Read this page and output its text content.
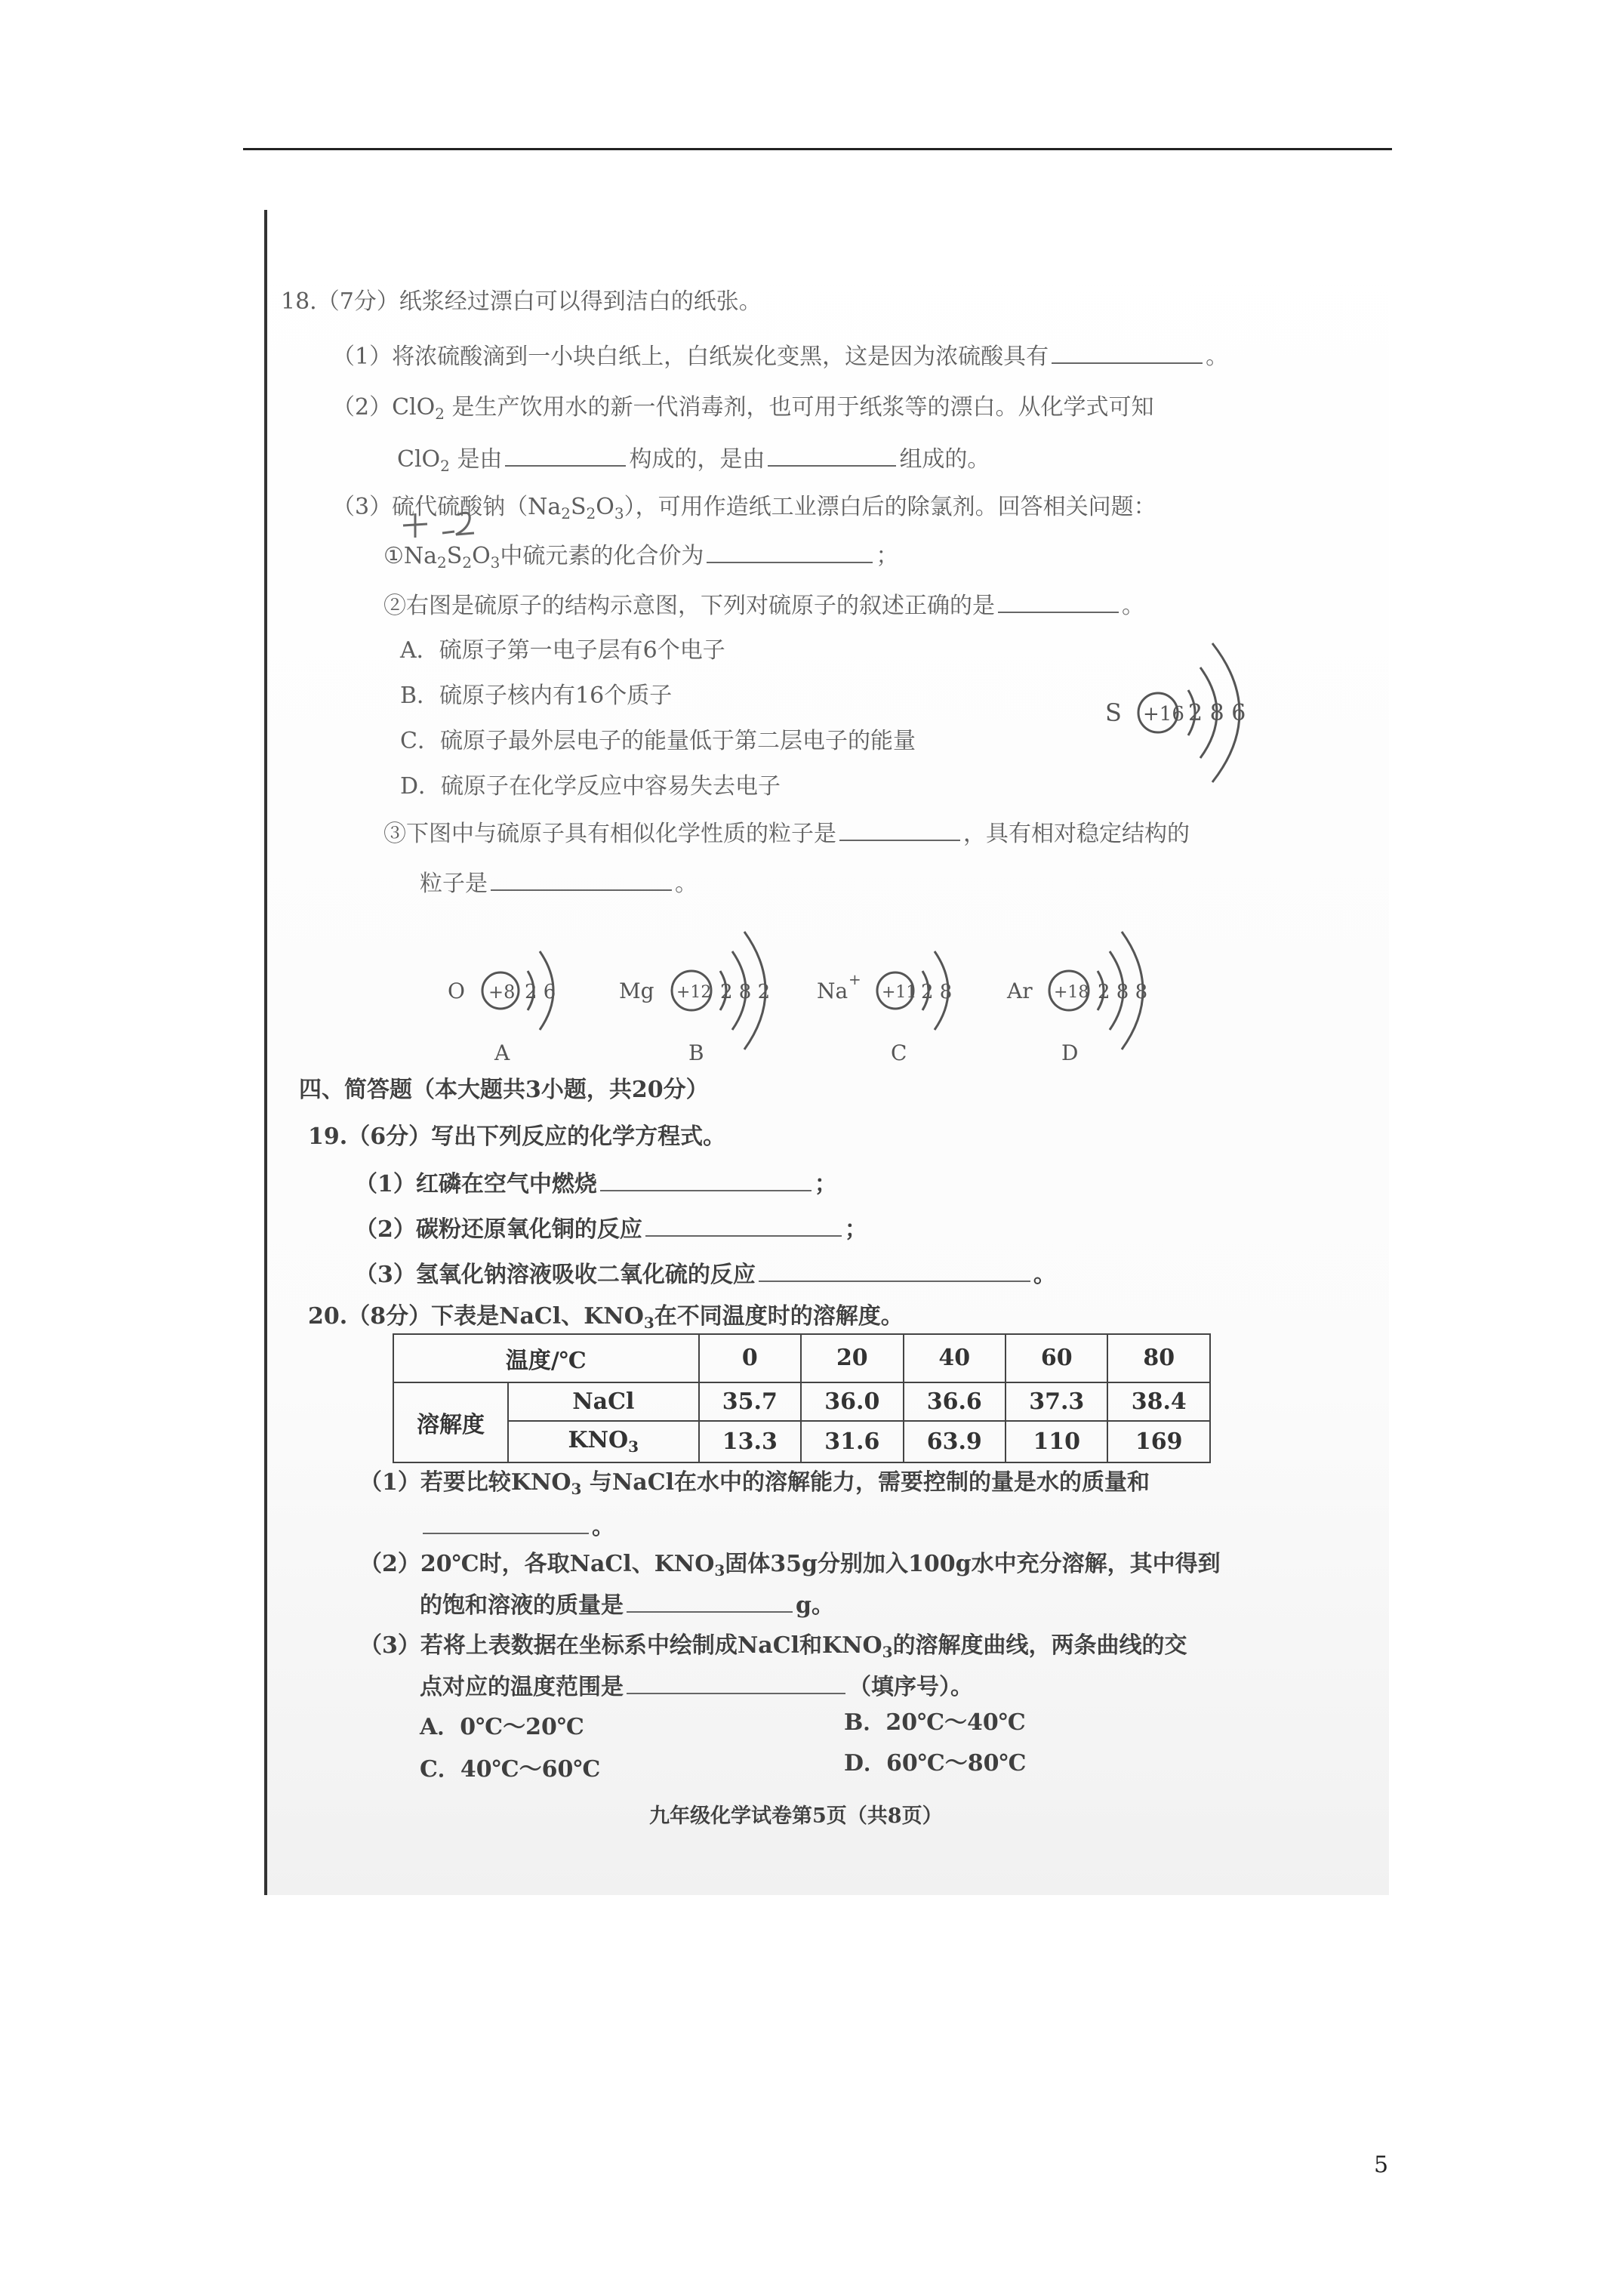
18.（7分）纸浆经过漂白可以得到洁白的纸张。
（1）将浓硫酸滴到一小块白纸上，白纸炭化变黑，这是因为浓硫酸具有	。
（2）ClO$_2$ 是生产饮用水的新一代消毒剂，也可用于纸浆等的漂白。从化学式可知
ClO$_2$ 是由	构成的，是由	组成的。
（3）硫代硫酸钠$(Na_2S_2O_3)$，可用作造纸工业漂白后的除氯剂。回答相关问题：
$①Na_2S_2O_3$中硫元素的化合价为	；
②右图是硫原子的结构示意图，下列对硫原子的叙述正确的是	。
A．硫原子第一电子层有6个电子
B．硫原子核内有16个质子
C．硫原子最外层电子的能量低于第二层电子的能量
D．硫原子在化学反应中容易失去电子
S +16 2 8 6
③下图中与硫原子具有相似化学性质的粒子是	，具有相对稳定结构的
粒子是	。
O +8 2 6
A
Mg +12 2 8 2
B
Na +
+11 2 8
C
Ar +18 2 8 8
D
四、简答题（本大题共3小题，共20分）
19.（6分）写出下列反应的化学方程式。
（1）红磷在空气中燃烧	；
（2）碳粉还原氧化铜的反应	；
（3）氢氧化钠溶液吸收二氧化硫的反应	。
20.（8分）下表是NaCl、$KNO_3$在不同温度时的溶解度。
温度/℃		0	20	40	60	80
溶解度	NaCl	35.7	36.0	36.6	37.3	38.4
	$KNO_3$	13.3	31.6	63.9	110	169
（1）若要比较$KNO_3$ 与NaCl在水中的溶解能力，需要控制的量是水的质量和
。
（2）20℃时，各取NaCl、$KNO_3$固体35g分别加入100g水中充分溶解，其中得到
的饱和溶液的质量是	g。
（3）若将上表数据在坐标系中绘制成NaCl和$KNO_3$的溶解度曲线，两条曲线的交
点对应的温度范围是	（填序号）。
A．0℃～20℃	B．20℃～40℃
C．40℃～60℃	D．60℃～80℃
九年级化学试卷第5页（共8页）
5
